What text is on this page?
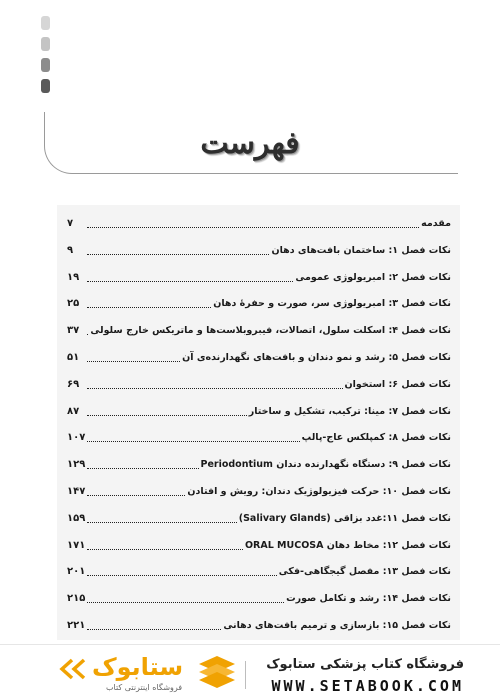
فهرست
مقدمه
۷
نکات فصل ۱: ساختمان بافت‌های دهان
۹
نکات فصل ۲: امبریولوژی عمومی
۱۹
نکات فصل ۳: امبریولوژی سر، صورت و حفرهٔ دهان
۲۵
نکات فصل ۴: اسکلت سلول، اتصالات، فیبروبلاست‌ها و ماتریکس خارج سلولی
۳۷
نکات فصل ۵: رشد و نمو دندان و بافت‌های نگهدارنده‌ی آن
۵۱
نکات فصل ۶: استخوان
۶۹
نکات فصل ۷: مینا: ترکیب، تشکیل و ساختار
۸۷
نکات فصل ۸: کمپلکس عاج-پالپ
۱۰۷
نکات فصل ۹: دستگاه نگهدارنده دندان Periodontium
۱۲۹
نکات فصل ۱۰: حرکت فیزیولوژیک دندان: رویش و افتادن
۱۴۷
نکات فصل ۱۱:غدد بزاقی (Salivary Glands)
۱۵۹
نکات فصل ۱۲: مخاط دهان ORAL MUCOSA
۱۷۱
نکات فصل ۱۳: مفصل گیجگاهی-فکی
۲۰۱
نکات فصل ۱۴: رشد و تکامل صورت
۲۱۵
نکات فصل ۱۵: بازسازی و ترمیم بافت‌های دهانی
۲۲۱
فروشگاه کتاب پزشکی ستابوک
WWW.SETABOOK.COM
ستابوک
فروشگاه اینترنتی کتاب
